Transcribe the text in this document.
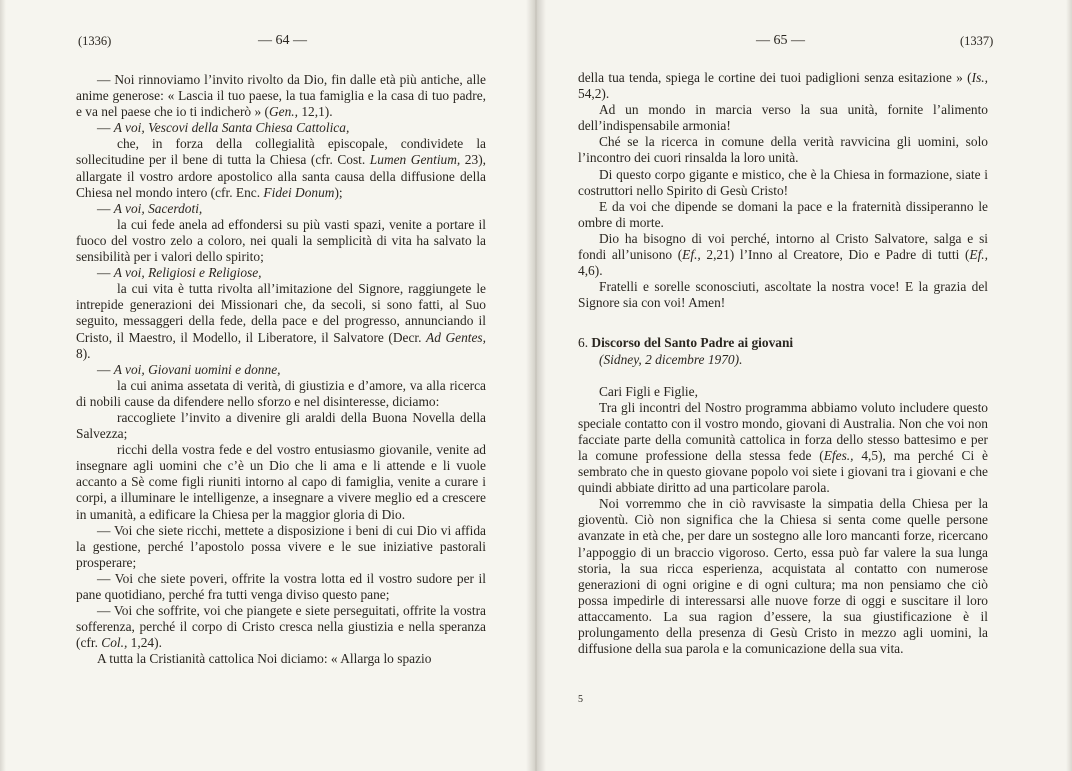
(1336)	— 64 —

— Noi rinnoviamo l’invito rivolto da Dio, fin dalle età più antiche, alle anime generose: « Lascia il tuo paese, la tua famiglia e la casa di tuo padre, e va nel paese che io ti indicherò » (Gen., 12,1).

— A voi, Vescovi della Santa Chiesa Cattolica,

che, in forza della collegialità episcopale, condividete la sollecitudine per il bene di tutta la Chiesa (cfr. Cost. Lumen Gentium, 23), allargate il vostro ardore apostolico alla santa causa della diffusione della Chiesa nel mondo intero (cfr. Enc. Fidei Donum);

— A voi, Sacerdoti,

la cui fede anela ad effondersi su più vasti spazi, venite a portare il fuoco del vostro zelo a coloro, nei quali la semplicità di vita ha salvato la sensibilità per i valori dello spirito;

— A voi, Religiosi e Religiose,

la cui vita è tutta rivolta all’imitazione del Signore, raggiungete le intrepide generazioni dei Missionari che, da secoli, si sono fatti, al Suo seguito, messaggeri della fede, della pace e del progresso, annunciando il Cristo, il Maestro, il Modello, il Liberatore, il Salvatore (Decr. Ad Gentes, 8).

— A voi, Giovani uomini e donne,

la cui anima assetata di verità, di giustizia e d’amore, va alla ricerca di nobili cause da difendere nello sforzo e nel disinteresse, diciamo:

raccogliete l’invito a divenire gli araldi della Buona Novella della Salvezza;

ricchi della vostra fede e del vostro entusiasmo giovanile, venite ad insegnare agli uomini che c’è un Dio che li ama e li attende e li vuole accanto a Sè come figli riuniti intorno al capo di famiglia, venite a curare i corpi, a illuminare le intelligenze, a insegnare a vivere meglio ed a crescere in umanità, a edificare la Chiesa per la maggior gloria di Dio.

— Voi che siete ricchi, mettete a disposizione i beni di cui Dio vi affida la gestione, perché l’apostolo possa vivere e le sue iniziative pastorali prosperare;

— Voi che siete poveri, offrite la vostra lotta ed il vostro sudore per il pane quotidiano, perché fra tutti venga diviso questo pane;

— Voi che soffrite, voi che piangete e siete perseguitati, offrite la vostra sofferenza, perché il corpo di Cristo cresca nella giustizia e nella speranza (cfr. Col., 1,24).

A tutta la Cristianità cattolica Noi diciamo: « Allarga lo spazio

— 65 —	(1337)

della tua tenda, spiega le cortine dei tuoi padiglioni senza esitazione » (Is., 54,2).

Ad un mondo in marcia verso la sua unità, fornite l’alimento dell’indispensabile armonia!

Ché se la ricerca in comune della verità ravvicina gli uomini, solo l’incontro dei cuori rinsalda la loro unità.

Di questo corpo gigante e mistico, che è la Chiesa in formazione, siate i costruttori nello Spirito di Gesù Cristo!

E da voi che dipende se domani la pace e la fraternità dissiperanno le ombre di morte.

Dio ha bisogno di voi perché, intorno al Cristo Salvatore, salga e si fondi all’unisono (Ef., 2,21) l’Inno al Creatore, Dio e Padre di tutti (Ef., 4,6).

Fratelli e sorelle sconosciuti, ascoltate la nostra voce! E la grazia del Signore sia con voi! Amen!

6. Discorso del Santo Padre ai giovani

(Sidney, 2 dicembre 1970).

Cari Figli e Figlie,

Tra gli incontri del Nostro programma abbiamo voluto includere questo speciale contatto con il vostro mondo, giovani di Australia. Non che voi non facciate parte della comunità cattolica in forza dello stesso battesimo e per la comune professione della stessa fede (Efes., 4,5), ma perché Ci è sembrato che in questo giovane popolo voi siete i giovani tra i giovani e che quindi abbiate diritto ad una particolare parola.

Noi vorremmo che in ciò ravvisaste la simpatia della Chiesa per la gioventù. Ciò non significa che la Chiesa si senta come quelle persone avanzate in età che, per dare un sostegno alle loro mancanti forze, ricercano l’appoggio di un braccio vigoroso. Certo, essa può far valere la sua lunga storia, la sua ricca esperienza, acquistata al contatto con numerose generazioni di ogni origine e di ogni cultura; ma non pensiamo che ciò possa impedirle di interessarsi alle nuove forze di oggi e suscitare il loro attaccamento. La sua ragion d’essere, la sua giustificazione è il prolungamento della presenza di Gesù Cristo in mezzo agli uomini, la diffusione della sua parola e la comunicazione della sua vita.

5
